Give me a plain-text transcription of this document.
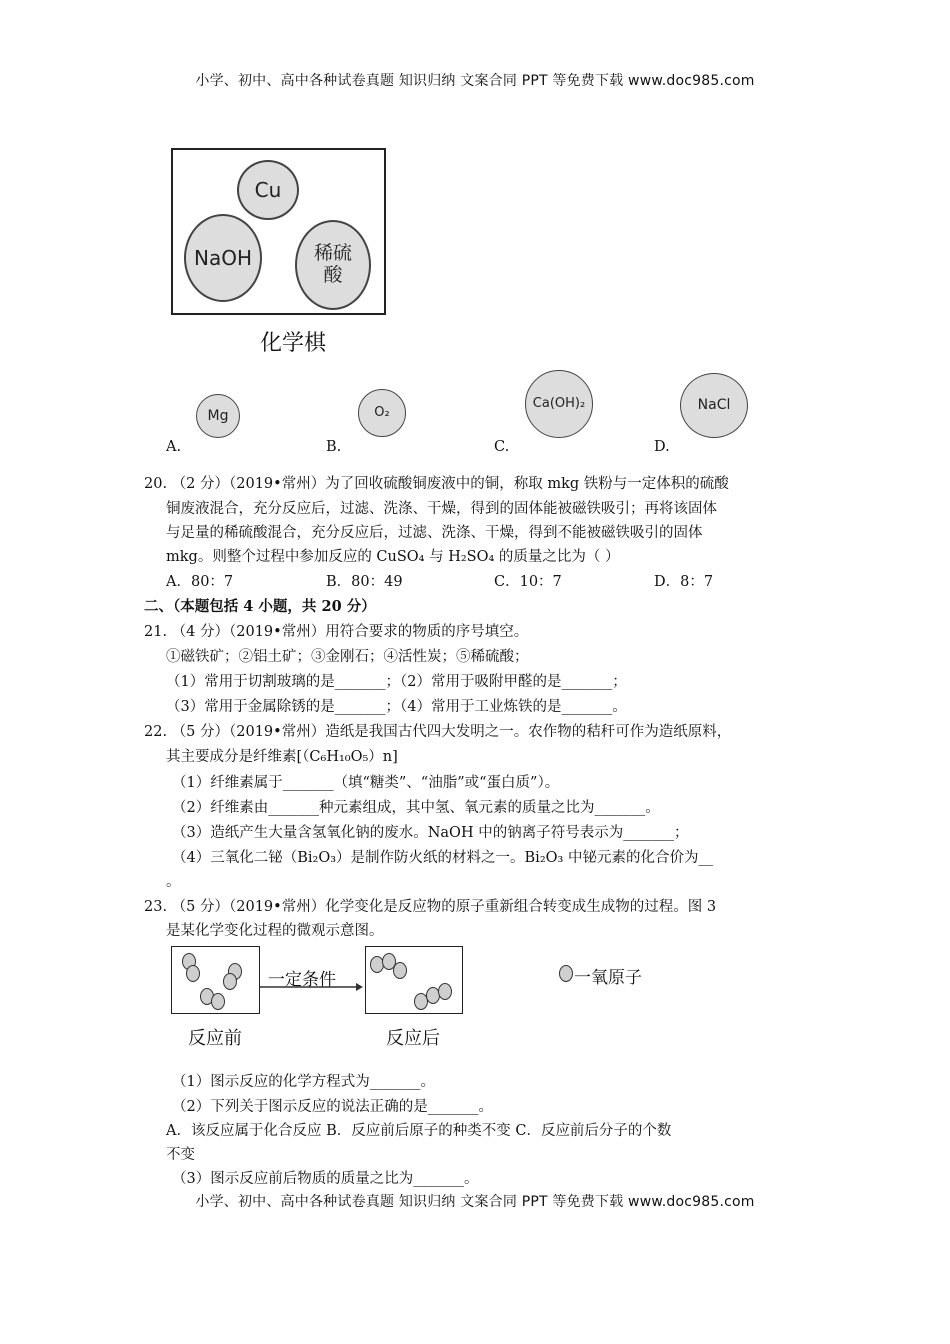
小学、初中、高中各种试卷真题 知识归纳 文案合同 PPT 等免费下载 www.doc985.com
Cu
NaOH	稀硫酸
化学棋
Mg	O₂
Ca(OH)₂	NaCl
A.	B.	C.	D.
20. （2 分）（2019•常州）为了回收硫酸铜废液中的铜，称取 mkg 铁粉与一定体积的硫酸
铜废液混合，充分反应后，过滤、洗涤、干燥，得到的固体能被磁铁吸引；再将该固体
与足量的稀硫酸混合，充分反应后，过滤、洗涤、干燥，得到不能被磁铁吸引的固体
mkg。则整个过程中参加反应的 CuSO₄ 与 H₂SO₄ 的质量之比为（ ）
A．80：7	B．80：49	C．10：7	D．8：7
二、（本题包括 4 小题，共 20 分）
21. （4 分）（2019•常州）用符合要求的物质的序号填空。
①磁铁矿；②铝土矿；③金刚石；④活性炭；⑤稀硫酸；
（1）常用于切割玻璃的是_______；（2）常用于吸附甲醛的是_______；
（3）常用于金属除锈的是_______；（4）常用于工业炼铁的是_______。
22. （5 分）（2019•常州）造纸是我国古代四大发明之一。农作物的秸秆可作为造纸原料，
其主要成分是纤维素[（C₆H₁₀O₅）n]
（1）纤维素属于_______（填“糖类”、“油脂”或“蛋白质”）。
（2）纤维素由_______种元素组成，其中氢、氧元素的质量之比为_______。
（3）造纸产生大量含氢氧化钠的废水。NaOH 中的钠离子符号表示为_______；
（4）三氧化二铋（Bi₂O₃）是制作防火纸的材料之一。Bi₂O₃ 中铋元素的化合价为__
。
23. （5 分）（2019•常州）化学变化是反应物的原子重新组合转变成生成物的过程。图 3
是某化学变化过程的微观示意图。
一定条件
反应前	反应后
一氧原子
（1）图示反应的化学方程式为_______。
（2）下列关于图示反应的说法正确的是_______。
A．该反应属于化合反应 B．反应前后原子的种类不变 C．反应前后分子的个数
不变
（3）图示反应前后物质的质量之比为_______。
小学、初中、高中各种试卷真题 知识归纳 文案合同 PPT 等免费下载 www.doc985.com
